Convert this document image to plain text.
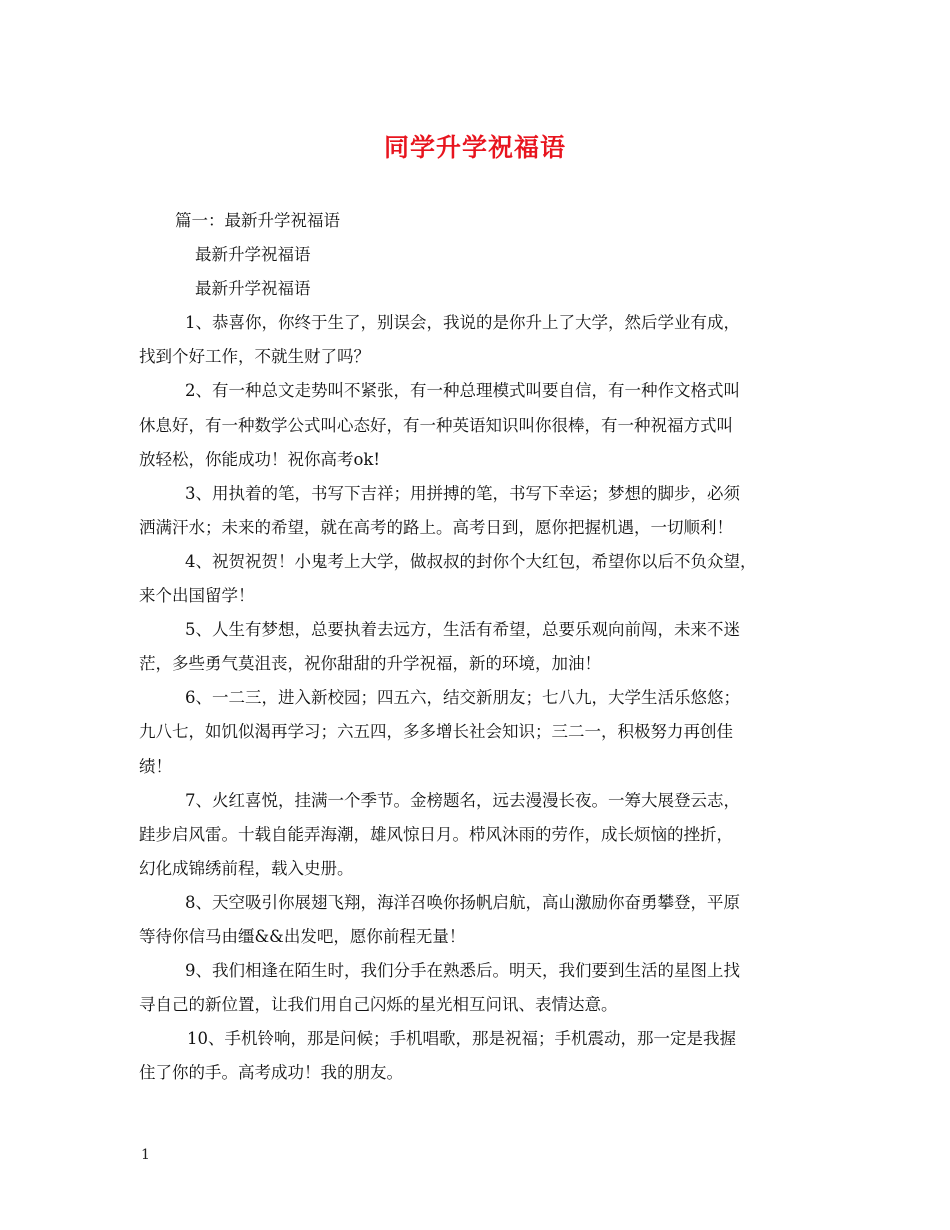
同学升学祝福语
篇一：最新升学祝福语
最新升学祝福语
最新升学祝福语
1、恭喜你，你终于生了，别误会，我说的是你升上了大学，然后学业有成，
找到个好工作，不就生财了吗？
2、有一种总文走势叫不紧张，有一种总理模式叫要自信，有一种作文格式叫
休息好，有一种数学公式叫心态好，有一种英语知识叫你很棒，有一种祝福方式叫
放轻松，你能成功！祝你高考ok!
3、用执着的笔，书写下吉祥；用拼搏的笔，书写下幸运；梦想的脚步，必须
洒满汗水；未来的希望，就在高考的路上。高考日到，愿你把握机遇，一切顺利！
4、祝贺祝贺！小鬼考上大学，做叔叔的封你个大红包，希望你以后不负众望，
来个出国留学！
5、人生有梦想，总要执着去远方，生活有希望，总要乐观向前闯，未来不迷
茫，多些勇气莫沮丧，祝你甜甜的升学祝福，新的环境，加油！
6、一二三，进入新校园；四五六，结交新朋友；七八九，大学生活乐悠悠；
九八七，如饥似渴再学习；六五四，多多增长社会知识；三二一，积极努力再创佳
绩！
7、火红喜悦，挂满一个季节。金榜题名，远去漫漫长夜。一筹大展登云志，
跬步启风雷。十载自能弄海潮，雄风惊日月。栉风沐雨的劳作，成长烦恼的挫折，
幻化成锦绣前程，载入史册。
8、天空吸引你展翅飞翔，海洋召唤你扬帆启航，高山激励你奋勇攀登，平原
等待你信马由缰&&出发吧，愿你前程无量！
9、我们相逢在陌生时，我们分手在熟悉后。明天，我们要到生活的星图上找
寻自己的新位置，让我们用自己闪烁的星光相互问讯、表情达意。
10、手机铃响，那是问候；手机唱歌，那是祝福；手机震动，那一定是我握
住了你的手。高考成功！我的朋友。
1
